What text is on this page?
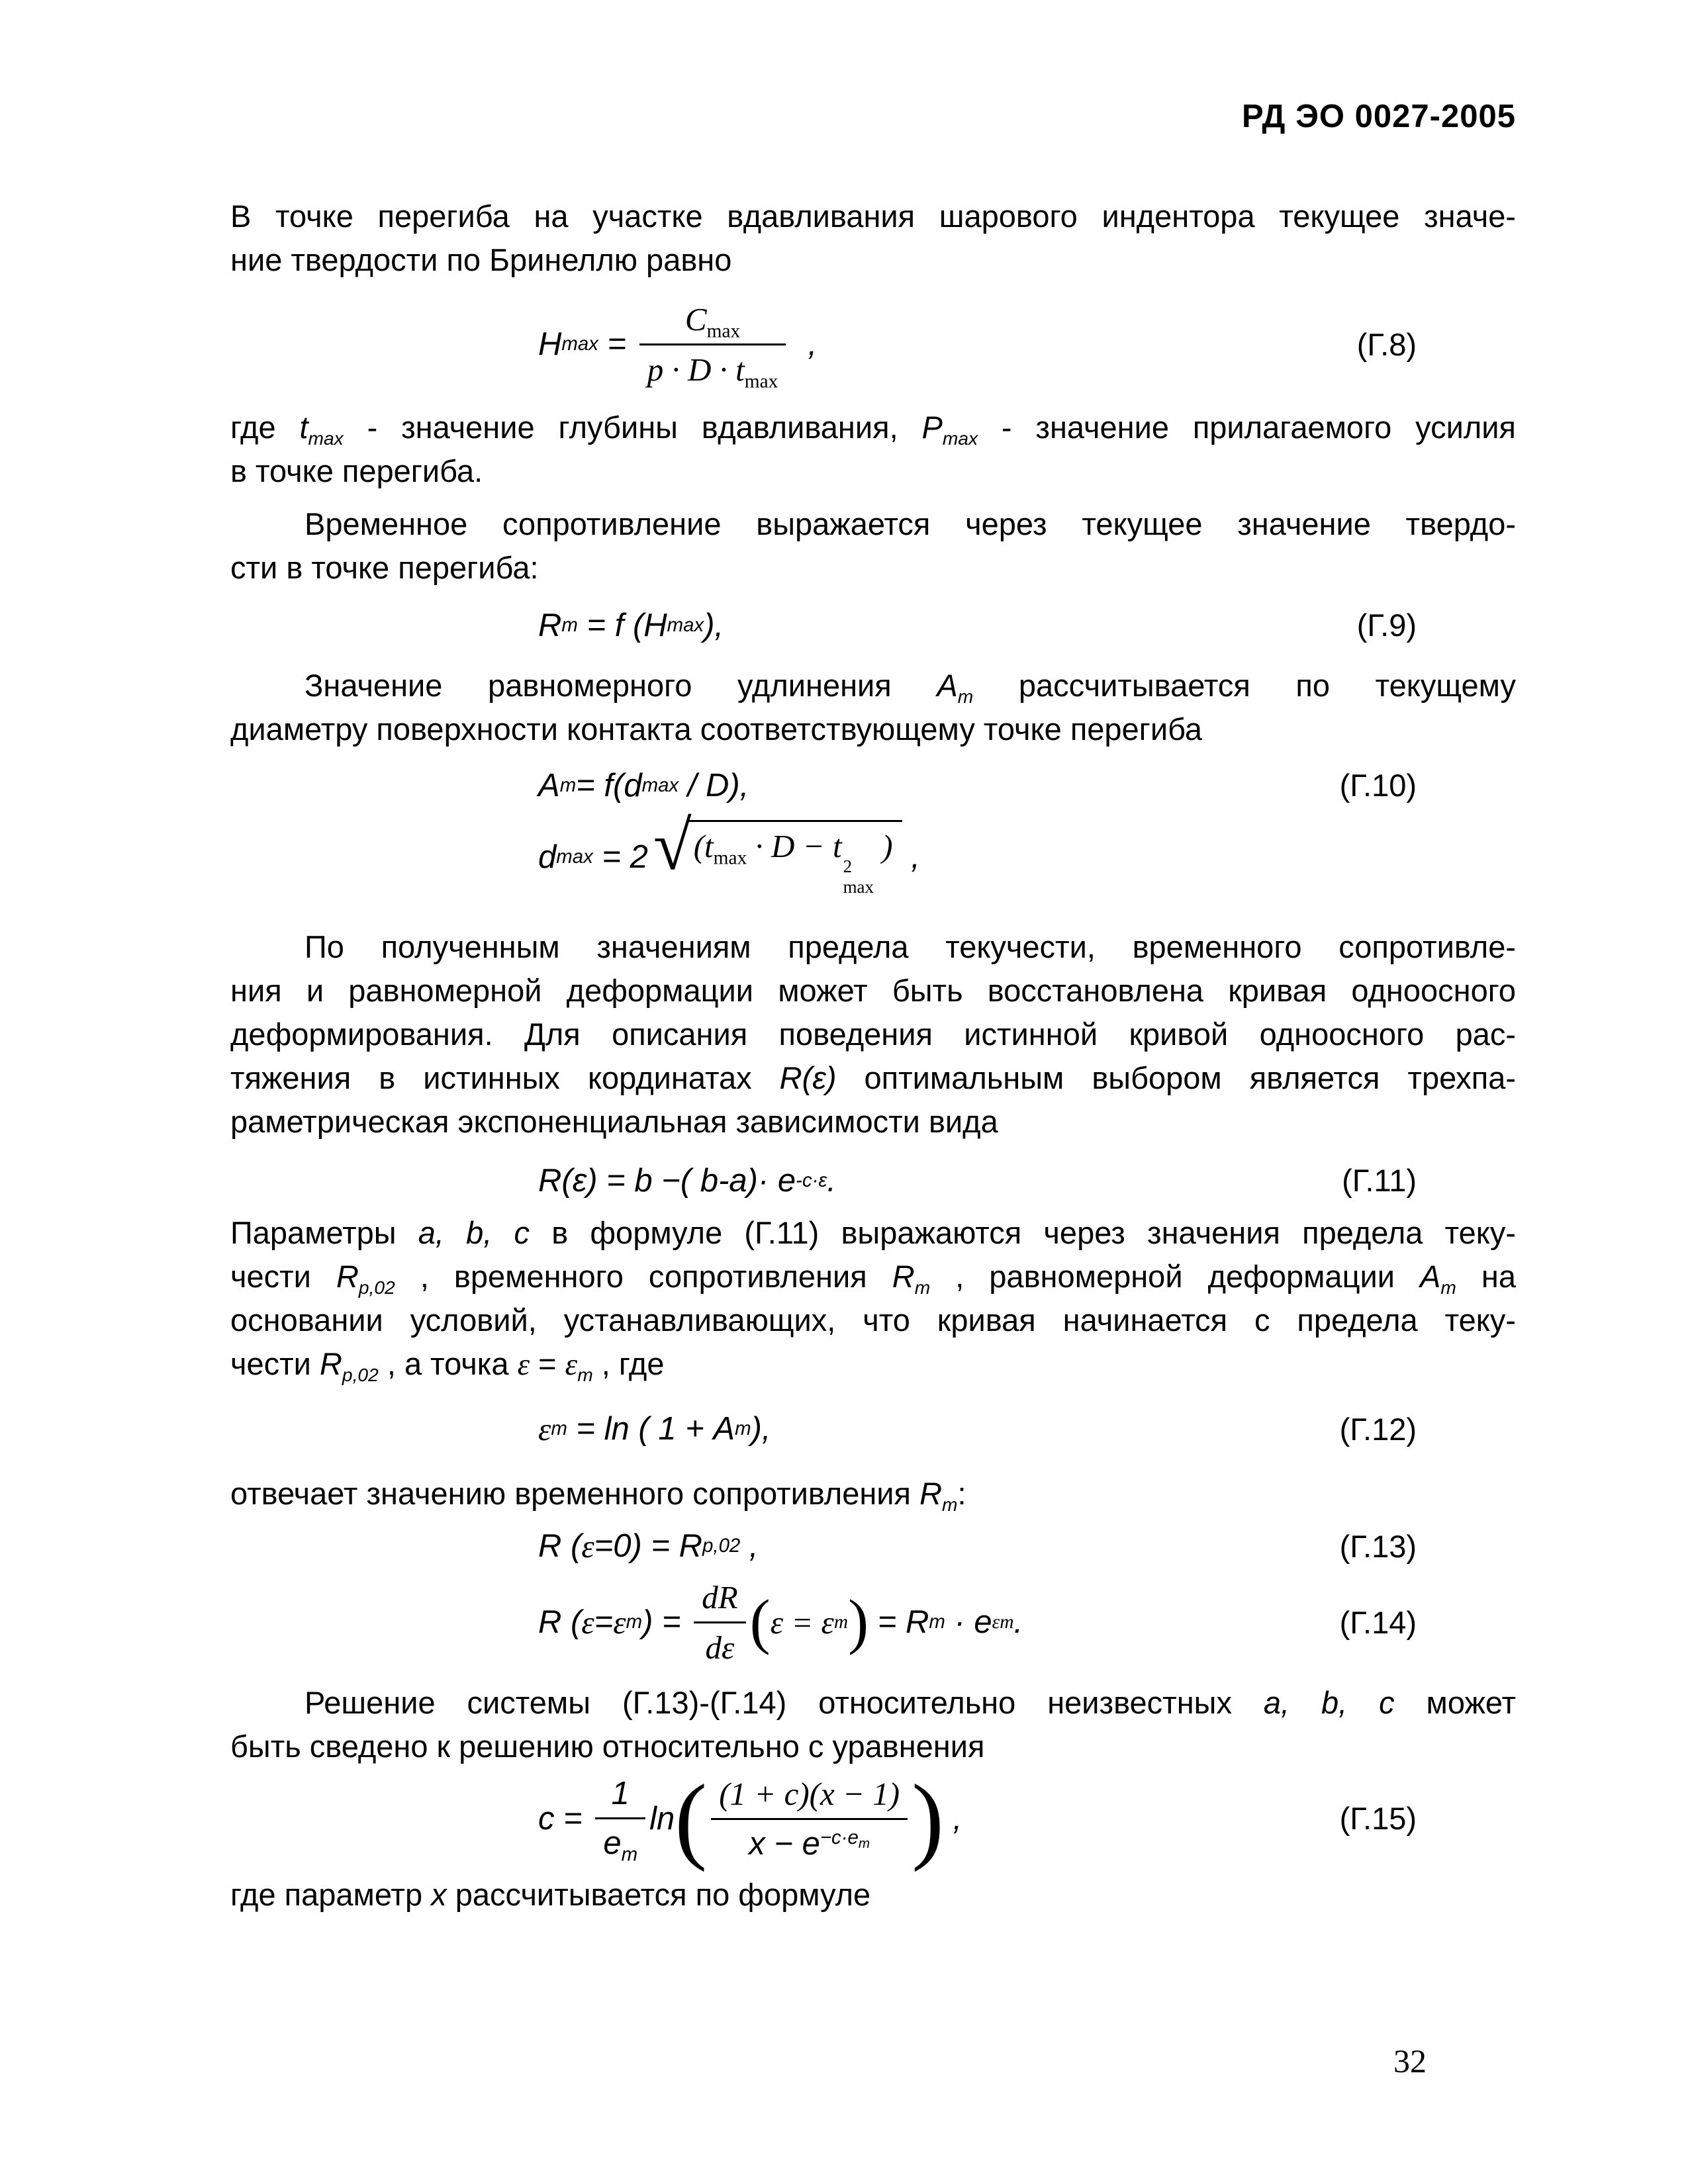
РД ЭО 0027-2005
В точке перегиба на участке вдавливания шарового индентора текущее значе-
ние твердости по Бринеллю равно
H $\max = \frac{C_{max}}{p \cdot D \cdot t_{max}}$ ,	(Г.8)
где $t_{max}$ - значение глубины вдавливания, $P_{max}$ - значение прилагаемого усилия
в точке перегиба.
Временное сопротивление выражается через текущее значение твердо-
сти в точке перегиба:
R m = f ( H max ),	(Г.9)
Значение равномерного удлинения $A_m$ рассчитывается по текущему
диаметру поверхности контакта соответствующему точке перегиба
A m = f( d max / D),	(Г.10)
d max = 2 √ ($t_{max} \cdot D - t$
2
max
) ,
По полученным значениям предела текучести, временного сопротивле-
ния и равномерной деформации может быть восстановлена кривая одноосного
деформирования. Для описания поведения истинной кривой одноосного рас-
тяжения в истинных кординатах R(ε) оптимальным выбором является трехпа-
раметрическая экспоненциальная зависимости вида
R(ε) = b −( b-a)· e -c·ε .	(Г.11)
Параметры a, b, c в формуле (Г.11) выражаются через значения предела теку-
чести $R_{p,02}$ , временного сопротивления $R_m$ , равномерной деформации $A_m$ на
основании условий, устанавливающих, что кривая начинается с предела теку-
чести $R_{p,02}$ , а точка $\varepsilon = \varepsilon_m$ , где
ε m = ln ( 1 + A m ),	(Г.12)
отвечает значению временного сопротивления $R_m$:
R ( ε =0) = R p,02 ,	(Г.13)
R ( ε = ε m ) = $\frac{dR}{d\varepsilon}$ ( ε = ε m ) = R m · e εm .	(Г.14)
Решение системы (Г.13)-(Г.14) относительно неизвестных a, b, c может
быть сведено к решению относительно с уравнения
$c = \frac{1}{e_m}$ ln ( $\frac{(1 + c)(x - 1)}{x - e^{-c\cdot e_m}}$ ) ,	(Г.15)
где параметр x рассчитывается по формуле
32
